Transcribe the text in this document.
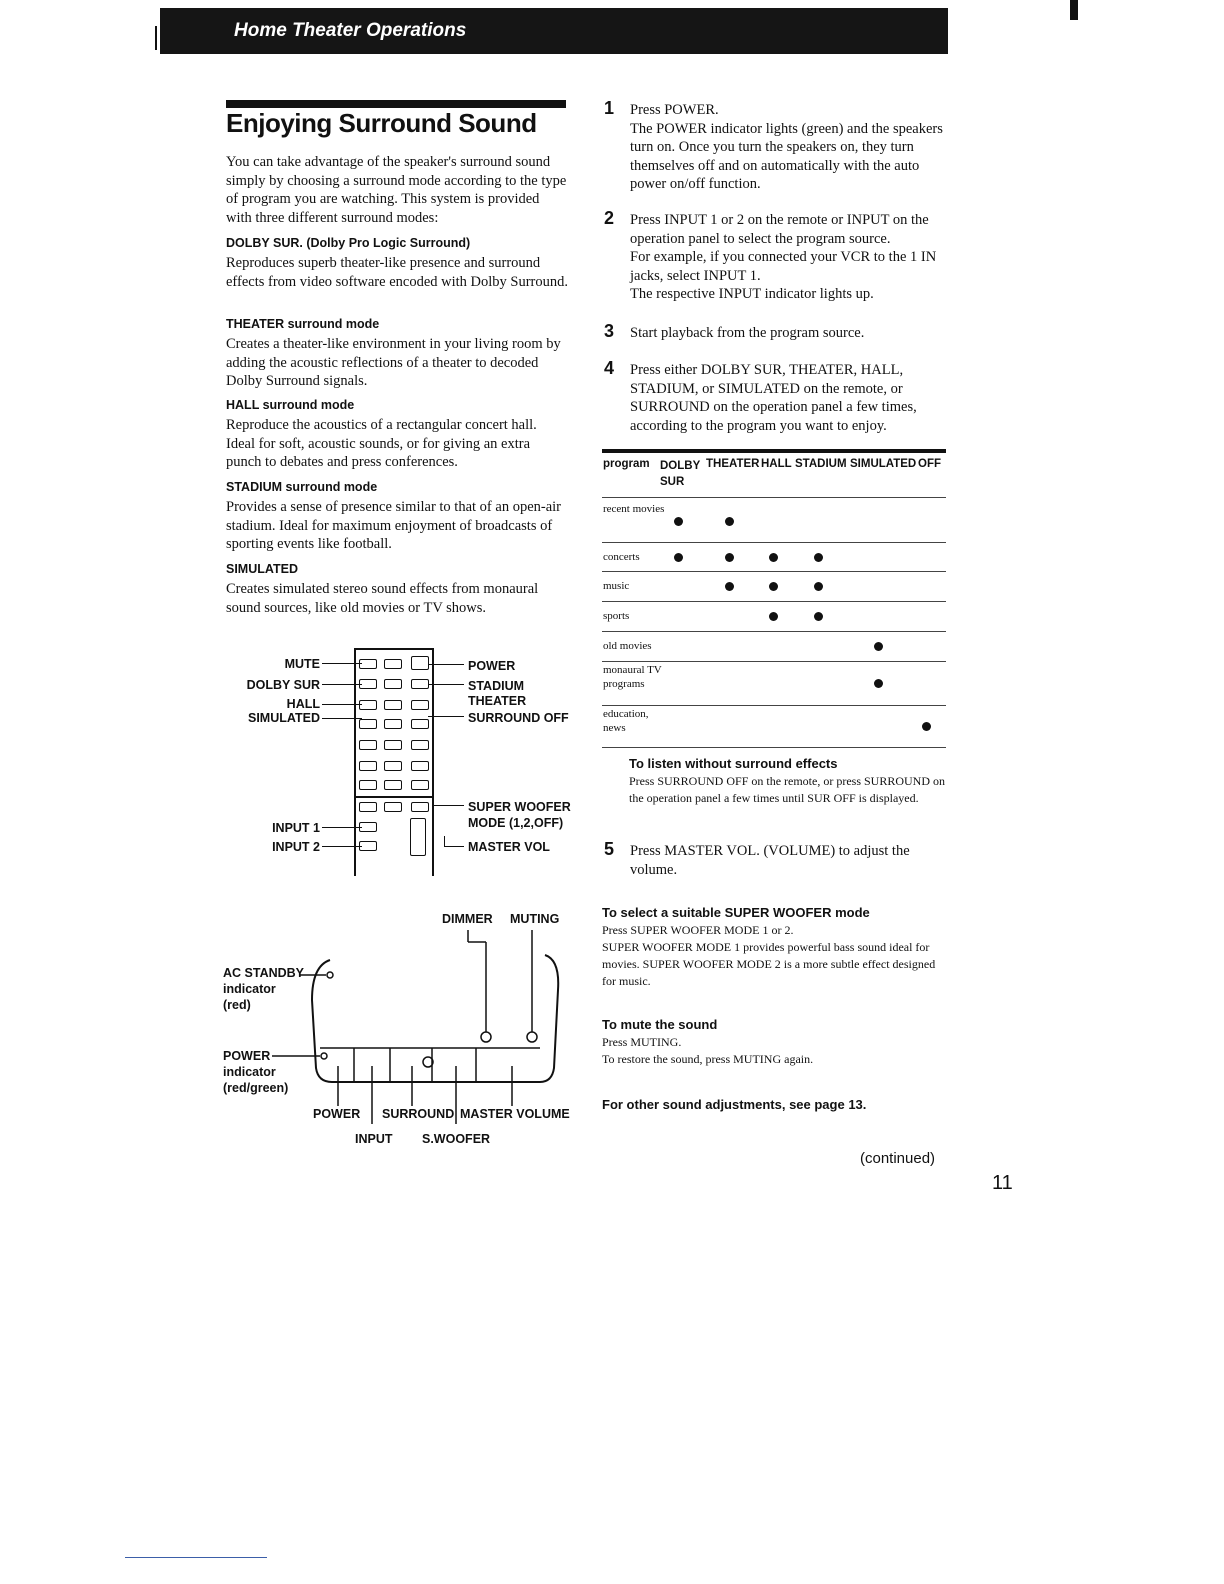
Home Theater Operations
Enjoying Surround Sound
You can take advantage of the speaker's surround sound simply by choosing a surround mode according to the type of program you are watching. This system is provided with three different surround modes:
DOLBY SUR. (Dolby Pro Logic Surround)
Reproduces superb theater-like presence and surround effects from video software encoded with Dolby Surround.
THEATER surround mode
Creates a theater-like environment in your living room by adding the acoustic reflections of a theater to decoded Dolby Surround signals.
HALL surround mode
Reproduce the acoustics of a rectangular concert hall. Ideal for soft, acoustic sounds, or for giving an extra punch to debates and press conferences.
STADIUM surround mode
Provides a sense of presence similar to that of an open-air stadium. Ideal for maximum enjoyment of broadcasts of sporting events like football.
SIMULATED
Creates simulated stereo sound effects from monaural sound sources, like old movies or TV shows.
MUTE
DOLBY SUR
HALL
SIMULATED
INPUT 1
INPUT 2
POWER
STADIUM
THEATER
SURROUND OFF
SUPER WOOFER
MODE (1,2,OFF)
MASTER VOL
DIMMER MUTING
AC STANDBY
indicator
(red)
POWER
indicator
(red/green)
POWER SURROUND MASTER VOLUME
INPUT S.WOOFER
1 Press POWER.
The POWER indicator lights (green) and the speakers turn on. Once you turn the speakers on, they turn themselves off and on automatically with the auto power on/off function.
2 Press INPUT 1 or 2 on the remote or INPUT on the operation panel to select the program source.
For example, if you connected your VCR to the 1 IN jacks, select INPUT 1.
The respective INPUT indicator lights up.
3 Start playback from the program source.
4 Press either DOLBY SUR, THEATER, HALL, STADIUM, or SIMULATED on the remote, or SURROUND on the operation panel a few times, according to the program you want to enjoy.
program DOLBY SUR
THEATER HALL STADIUM SIMULATED OFF
recent movies
concerts
music
sports
old movies
monaural TV programs
education, news
To listen without surround effects
Press SURROUND OFF on the remote, or press SURROUND on the operation panel a few times until SUR OFF is displayed.
5 Press MASTER VOL. (VOLUME) to adjust the volume.
To select a suitable SUPER WOOFER mode
Press SUPER WOOFER MODE 1 or 2.
SUPER WOOFER MODE 1 provides powerful bass sound ideal for movies. SUPER WOOFER MODE 2 is a more subtle effect designed for music.
To mute the sound
Press MUTING.
To restore the sound, press MUTING again.
For other sound adjustments, see page 13.
(continued)
11
